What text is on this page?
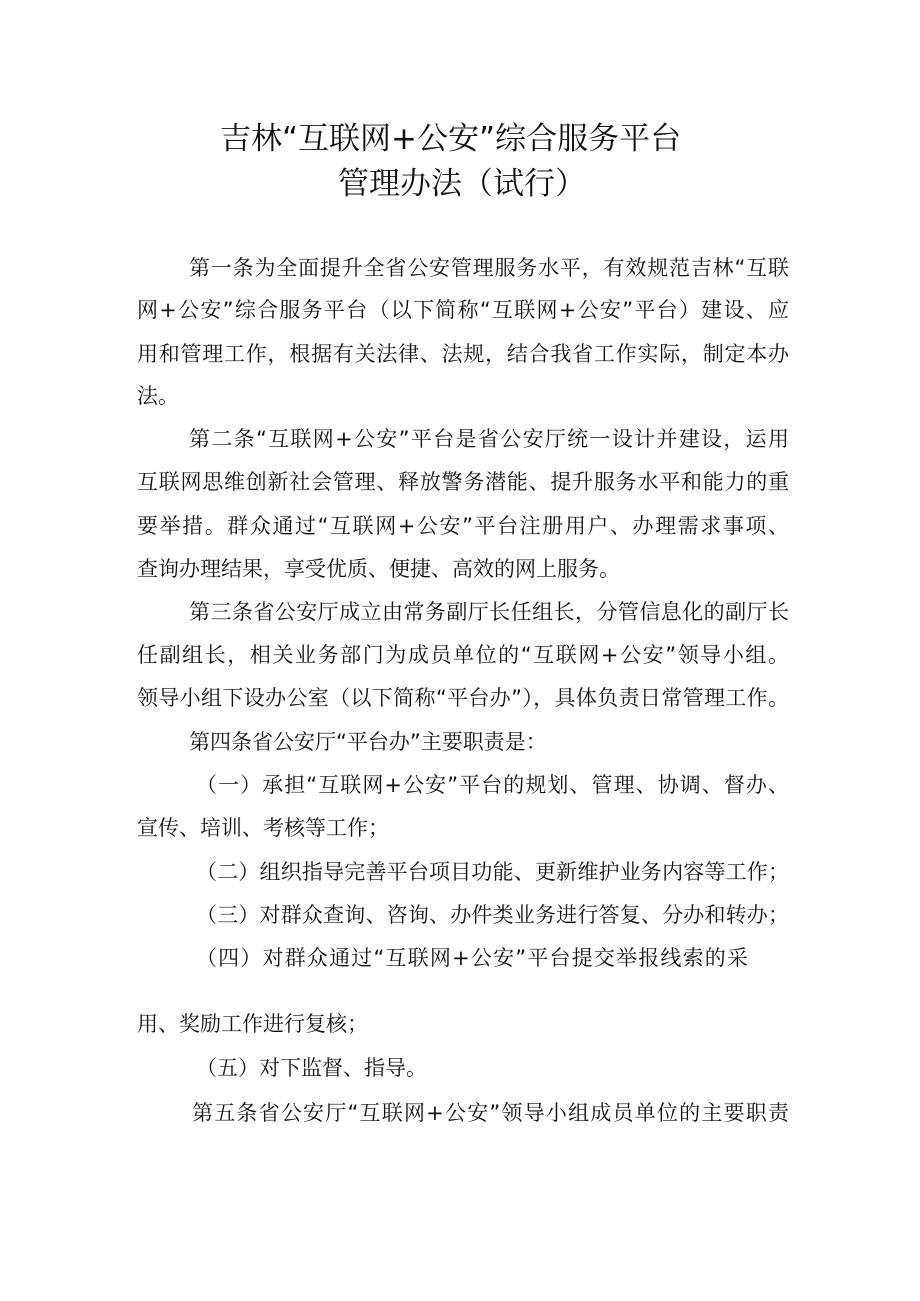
吉林“互联网+公安”综合服务平台
管理办法（试行）
第一条为全面提升全省公安管理服务水平，有效规范吉林“互联
网+公安”综合服务平台（以下简称“互联网+公安”平台）建设、应
用和管理工作，根据有关法律、法规，结合我省工作实际，制定本办
法。
第二条“互联网+公安”平台是省公安厅统一设计并建设，运用
互联网思维创新社会管理、释放警务潜能、提升服务水平和能力的重
要举措。群众通过“互联网+公安”平台注册用户、办理需求事项、
查询办理结果，享受优质、便捷、高效的网上服务。
第三条省公安厅成立由常务副厅长任组长，分管信息化的副厅长
任副组长，相关业务部门为成员单位的“互联网+公安”领导小组。
领导小组下设办公室（以下简称“平台办”），具体负责日常管理工作。
第四条省公安厅“平台办”主要职责是：
（一）承担“互联网+公安”平台的规划、管理、协调、督办、
宣传、培训、考核等工作；
（二）组织指导完善平台项目功能、更新维护业务内容等工作；
（三）对群众查询、咨询、办件类业务进行答复、分办和转办；
（四）对群众通过“互联网+公安”平台提交举报线索的采
用、奖励工作进行复核；
（五）对下监督、指导。
第五条省公安厅“互联网+公安”领导小组成员单位的主要职责
